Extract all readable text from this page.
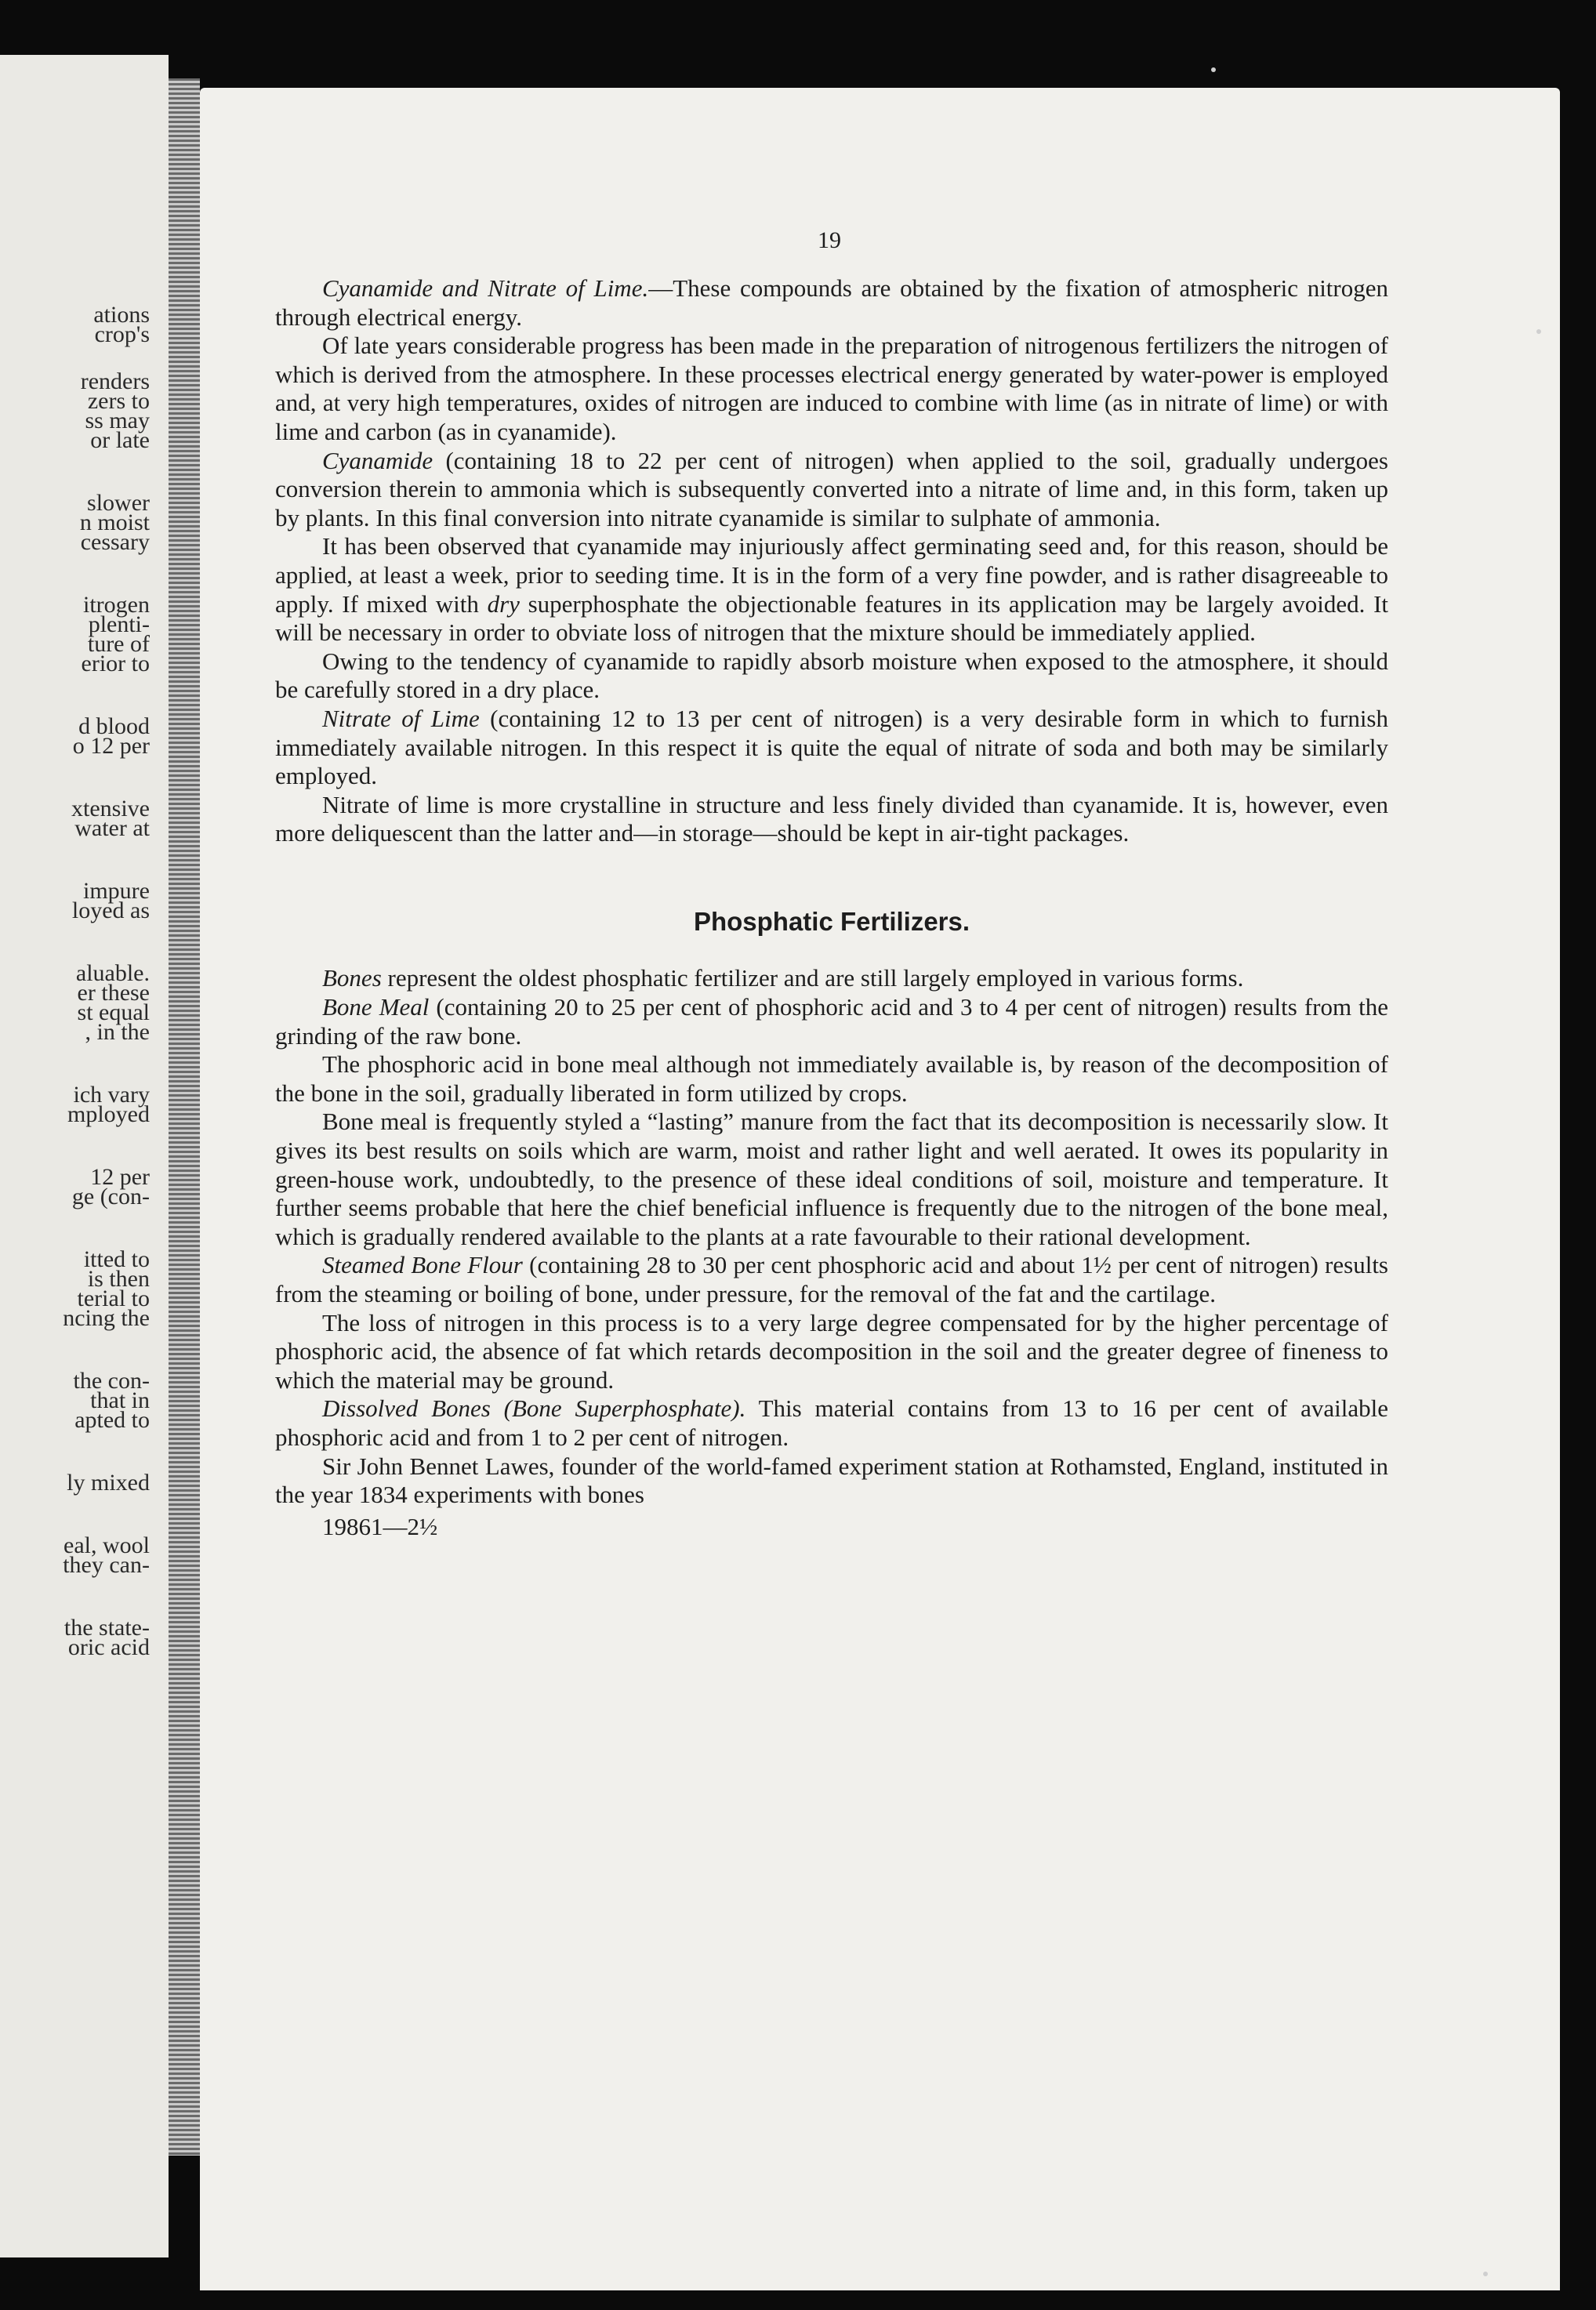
ations
crop's
renders
zers to
ss may
or late
slower
n moist
cessary
itrogen
plenti-
ture of
erior to
d blood
o 12 per
xtensive
water at
impure
loyed as
aluable.
er these
st equal
, in the
ich vary
mployed
12 per
ge (con-
itted to
is then
terial to
ncing the
the con-
that in
apted to
ly mixed
eal, wool
they can-
the state-
oric acid
19

Cyanamide and Nitrate of Lime.—These compounds are obtained by the fixation of atmospheric nitrogen through electrical energy.

Of late years considerable progress has been made in the preparation of nitrogenous fertilizers the nitrogen of which is derived from the atmosphere. In these processes electrical energy generated by water-power is employed and, at very high temperatures, oxides of nitrogen are induced to combine with lime (as in nitrate of lime) or with lime and carbon (as in cyanamide).

Cyanamide (containing 18 to 22 per cent of nitrogen) when applied to the soil, gradually undergoes conversion therein to ammonia which is subsequently converted into a nitrate of lime and, in this form, taken up by plants. In this final conversion into nitrate cyanamide is similar to sulphate of ammonia.

It has been observed that cyanamide may injuriously affect germinating seed and, for this reason, should be applied, at least a week, prior to seeding time. It is in the form of a very fine powder, and is rather disagreeable to apply. If mixed with dry superphosphate the objectionable features in its application may be largely avoided. It will be necessary in order to obviate loss of nitrogen that the mixture should be immediately applied.

Owing to the tendency of cyanamide to rapidly absorb moisture when exposed to the atmosphere, it should be carefully stored in a dry place.

Nitrate of Lime (containing 12 to 13 per cent of nitrogen) is a very desirable form in which to furnish immediately available nitrogen. In this respect it is quite the equal of nitrate of soda and both may be similarly employed.

Nitrate of lime is more crystalline in structure and less finely divided than cyanamide. It is, however, even more deliquescent than the latter and—in storage—should be kept in air-tight packages.

Phosphatic Fertilizers.

Bones represent the oldest phosphatic fertilizer and are still largely employed in various forms.

Bone Meal (containing 20 to 25 per cent of phosphoric acid and 3 to 4 per cent of nitrogen) results from the grinding of the raw bone.

The phosphoric acid in bone meal although not immediately available is, by reason of the decomposition of the bone in the soil, gradually liberated in form utilized by crops.

Bone meal is frequently styled a “lasting” manure from the fact that its decomposition is necessarily slow. It gives its best results on soils which are warm, moist and rather light and well aerated. It owes its popularity in green-house work, undoubtedly, to the presence of these ideal conditions of soil, moisture and temperature. It further seems probable that here the chief beneficial influence is frequently due to the nitrogen of the bone meal, which is gradually rendered available to the plants at a rate favourable to their rational development.

Steamed Bone Flour (containing 28 to 30 per cent phosphoric acid and about 1½ per cent of nitrogen) results from the steaming or boiling of bone, under pressure, for the removal of the fat and the cartilage.

The loss of nitrogen in this process is to a very large degree compensated for by the higher percentage of phosphoric acid, the absence of fat which retards decomposition in the soil and the greater degree of fineness to which the material may be ground.

Dissolved Bones (Bone Superphosphate). This material contains from 13 to 16 per cent of available phosphoric acid and from 1 to 2 per cent of nitrogen.

Sir John Bennet Lawes, founder of the world-famed experiment station at Rothamsted, England, instituted in the year 1834 experiments with bones

19861—2½
